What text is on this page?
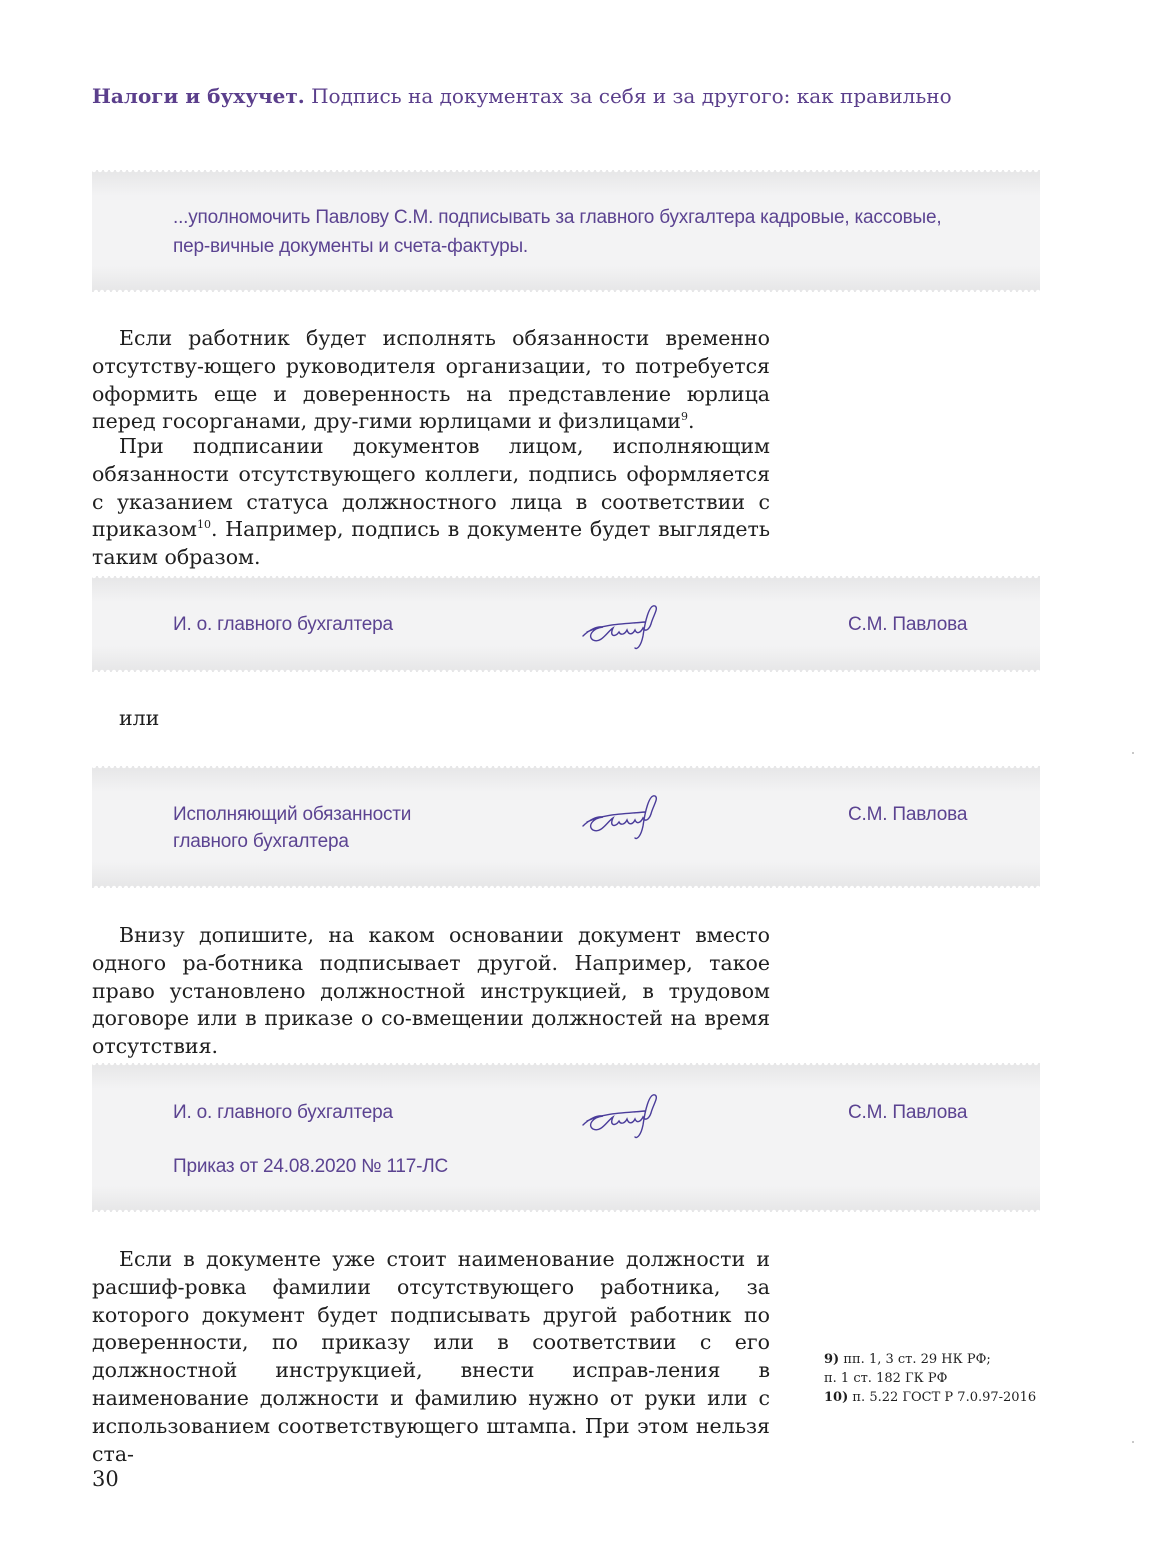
Налоги и бухучет. Подпись на документах за себя и за другого: как правильно
...уполномочить Павлову С.М. подписывать за главного бухгалтера кадровые, кассовые, пер-вичные документы и счета-фактуры.

Если работник будет исполнять обязанности временно отсутству-ющего руководителя организации, то потребуется оформить еще и доверенность на представление юрлица перед госорганами, дру-гими юрлицами и физлицами$^9$.

При подписании документов лицом, исполняющим обязанности отсутствующего коллеги, подпись оформляется с указанием статуса должностного лица в соответствии с приказом$^{10}$. Например, подпись в документе будет выглядеть таким образом.

И. о. главного бухгалтера	С.М. Павлова
или
Исполняющий обязанности
главного бухгалтера
С.М. Павлова

Внизу допишите, на каком основании документ вместо одного ра-ботника подписывает другой. Например, такое право установлено должностной инструкцией, в трудовом договоре или в приказе о со-вмещении должностей на время отсутствия.

И. о. главного бухгалтера	С.М. Павлова
Приказ от 24.08.2020 № 117-ЛС

Если в документе уже стоит наименование должности и расшиф-ровка фамилии отсутствующего работника, за которого документ будет подписывать другой работник по доверенности, по приказу или в соответствии с его должностной инструкцией, внести исправ-ления в наименование должности и фамилию нужно от руки или с использованием соответствующего штампа. При этом нельзя ста-

9) пп. 1, 3 ст. 29 НК РФ;
п. 1 ст. 182 ГК РФ
10) п. 5.22 ГОСТ Р 7.0.97-2016
30
